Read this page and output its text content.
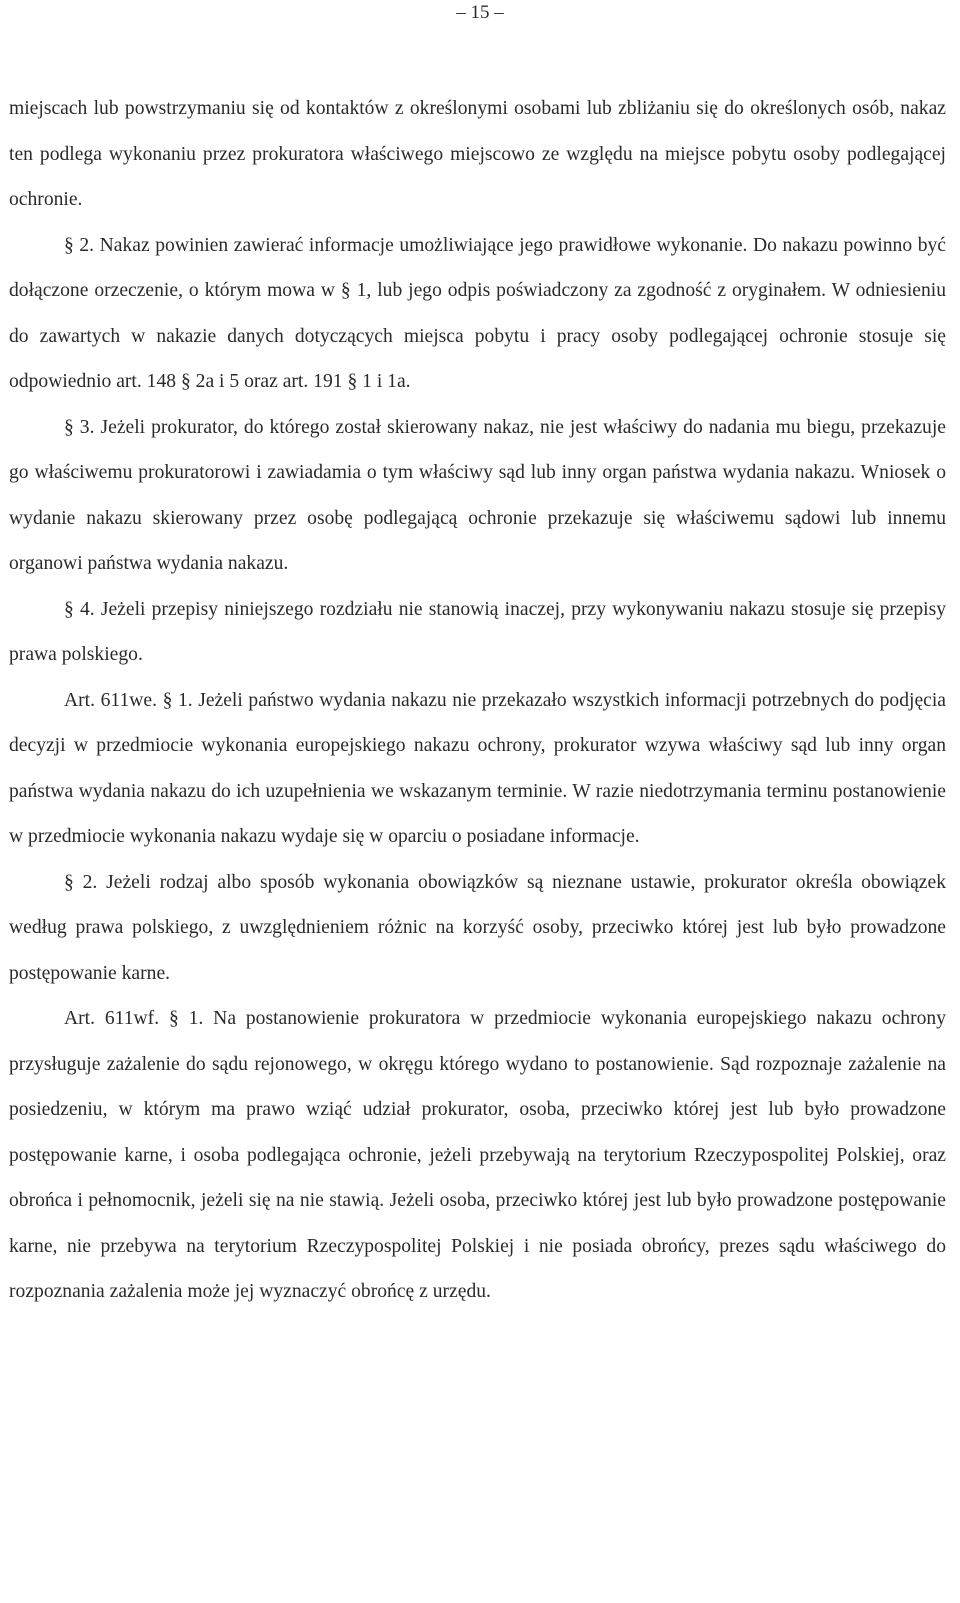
– 15 –

miejscach lub powstrzymaniu się od kontaktów z określonymi osobami lub zbliżaniu się do określonych osób, nakaz ten podlega wykonaniu przez prokuratora właściwego miejscowo ze względu na miejsce pobytu osoby podlegającej ochronie.

§ 2. Nakaz powinien zawierać informacje umożliwiające jego prawidłowe wykonanie. Do nakazu powinno być dołączone orzeczenie, o którym mowa w § 1, lub jego odpis poświadczony za zgodność z oryginałem. W odniesieniu do zawartych w nakazie danych dotyczących miejsca pobytu i pracy osoby podlegającej ochronie stosuje się odpowiednio art. 148 § 2a i 5 oraz art. 191 § 1 i 1a.

§ 3. Jeżeli prokurator, do którego został skierowany nakaz, nie jest właściwy do nadania mu biegu, przekazuje go właściwemu prokuratorowi i zawiadamia o tym właściwy sąd lub inny organ państwa wydania nakazu. Wniosek o wydanie nakazu skierowany przez osobę podlegającą ochronie przekazuje się właściwemu sądowi lub innemu organowi państwa wydania nakazu.

§ 4. Jeżeli przepisy niniejszego rozdziału nie stanowią inaczej, przy wykonywaniu nakazu stosuje się przepisy prawa polskiego.

Art. 611we. § 1. Jeżeli państwo wydania nakazu nie przekazało wszystkich informacji potrzebnych do podjęcia decyzji w przedmiocie wykonania europejskiego nakazu ochrony, prokurator wzywa właściwy sąd lub inny organ państwa wydania nakazu do ich uzupełnienia we wskazanym terminie. W razie niedotrzymania terminu postanowienie w przedmiocie wykonania nakazu wydaje się w oparciu o posiadane informacje.

§ 2. Jeżeli rodzaj albo sposób wykonania obowiązków są nieznane ustawie, prokurator określa obowiązek według prawa polskiego, z uwzględnieniem różnic na korzyść osoby, przeciwko której jest lub było prowadzone postępowanie karne.

Art. 611wf. § 1. Na postanowienie prokuratora w przedmiocie wykonania europejskiego nakazu ochrony przysługuje zażalenie do sądu rejonowego, w okręgu którego wydano to postanowienie. Sąd rozpoznaje zażalenie na posiedzeniu, w którym ma prawo wziąć udział prokurator, osoba, przeciwko której jest lub było prowadzone postępowanie karne, i osoba podlegająca ochronie, jeżeli przebywają na terytorium Rzeczypospolitej Polskiej, oraz obrońca i pełnomocnik, jeżeli się na nie stawią. Jeżeli osoba, przeciwko której jest lub było prowadzone postępowanie karne, nie przebywa na terytorium Rzeczypospolitej Polskiej i nie posiada obrońcy, prezes sądu właściwego do rozpoznania zażalenia może jej wyznaczyć obrońcę z urzędu.
